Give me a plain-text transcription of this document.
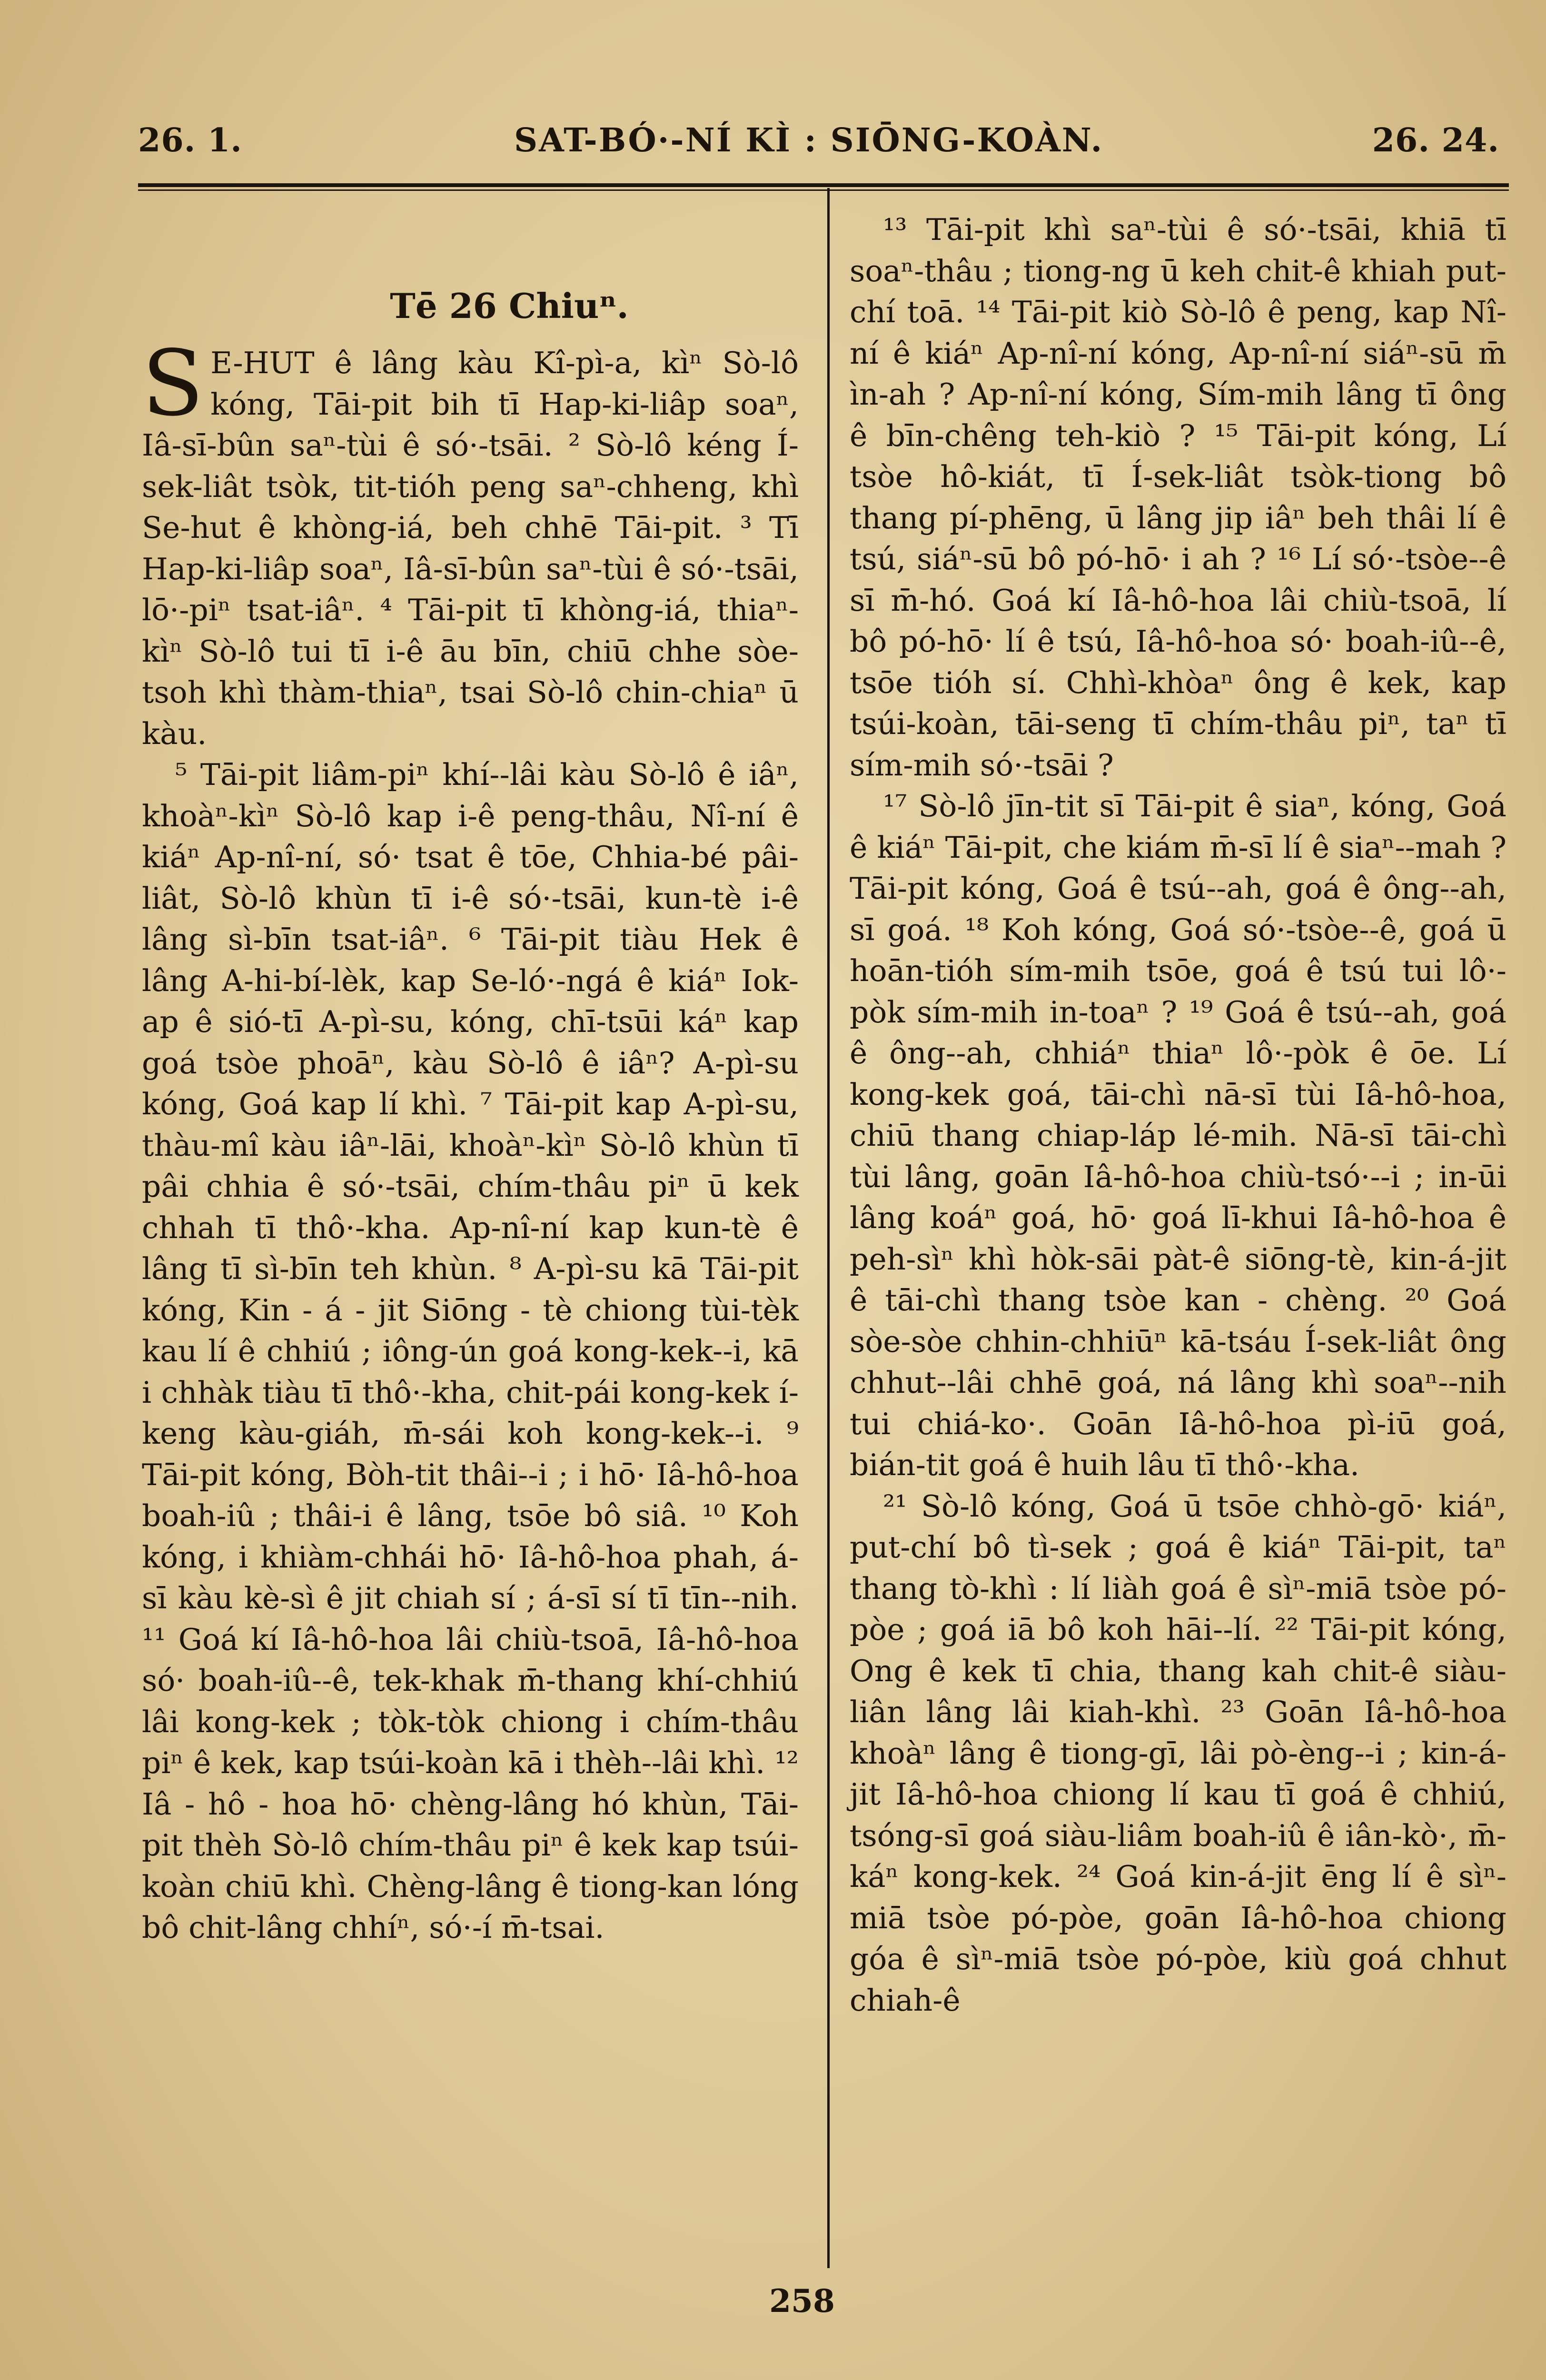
26. 1.	SAT-BÓ·-NÍ KÌ : SIŌNG-KOÀN.	26. 24.
Tē 26 Chiuⁿ.

S E-HUT ê lâng kàu Kî-pì-a, kìⁿ Sò-lô kóng, Tāi-pit bih tī Hap-ki-liâp soaⁿ, Iâ-sī-bûn saⁿ-tùi ê só·-tsāi. ² Sò-lô kéng Í-sek-liât tsòk, tit-tióh peng saⁿ-chheng, khì Se-hut ê khòng-iá, beh chhē Tāi-pit. ³ Tī Hap-ki-liâp soaⁿ, Iâ-sī-bûn saⁿ-tùi ê só·-tsāi, lō·-piⁿ tsat-iâⁿ. ⁴ Tāi-pit tī khòng-iá, thiaⁿ-kìⁿ Sò-lô tui tī i-ê āu bīn, chiū chhe sòe-tsoh khì thàm-thiaⁿ, tsai Sò-lô chin-chiaⁿ ū kàu.

⁵ Tāi-pit liâm-piⁿ khí--lâi kàu Sò-lô ê iâⁿ, khoàⁿ-kìⁿ Sò-lô kap i-ê peng-thâu, Nî-ní ê kiáⁿ Ap-nî-ní, só· tsat ê tōe, Chhia-bé pâi-liât, Sò-lô khùn tī i-ê só·-tsāi, kun-tè i-ê lâng sì-bīn tsat-iâⁿ. ⁶ Tāi-pit tiàu Hek ê lâng A-hi-bí-lèk, kap Se-ló·-ngá ê kiáⁿ Iok-ap ê sió-tī A-pì-su, kóng, chī-tsūi káⁿ kap goá tsòe phoāⁿ, kàu Sò-lô ê iâⁿ? A-pì-su kóng, Goá kap lí khì. ⁷ Tāi-pit kap A-pì-su, thàu-mî kàu iâⁿ-lāi, khoàⁿ-kìⁿ Sò-lô khùn tī pâi chhia ê só·-tsāi, chím-thâu piⁿ ū kek chhah tī thô·-kha. Ap-nî-ní kap kun-tè ê lâng tī sì-bīn teh khùn. ⁸ A-pì-su kā Tāi-pit kóng, Kin - á - jit Siōng - tè chiong tùi-tèk kau lí ê chhiú ; iông-ún goá kong-kek--i, kā i chhàk tiàu tī thô·-kha, chit-pái kong-kek í-keng kàu-giáh, m̄-sái koh kong-kek--i. ⁹ Tāi-pit kóng, Bòh-tit thâi--i ; i hō· Iâ-hô-hoa boah-iû ; thâi-i ê lâng, tsōe bô siâ. ¹⁰ Koh kóng, i khiàm-chhái hō· Iâ-hô-hoa phah, á-sī kàu kè-sì ê jit chiah sí ; á-sī sí tī tīn--nih. ¹¹ Goá kí Iâ-hô-hoa lâi chiù-tsoā, Iâ-hô-hoa só· boah-iû--ê, tek-khak m̄-thang khí-chhiú lâi kong-kek ; tòk-tòk chiong i chím-thâu piⁿ ê kek, kap tsúi-koàn kā i thèh--lâi khì. ¹² Iâ - hô - hoa hō· chèng-lâng hó khùn, Tāi-pit thèh Sò-lô chím-thâu piⁿ ê kek kap tsúi-koàn chiū khì. Chèng-lâng ê tiong-kan lóng bô chit-lâng chhíⁿ, só·-í m̄-tsai.

¹³ Tāi-pit khì saⁿ-tùi ê só·-tsāi, khiā tī soaⁿ-thâu ; tiong-ng ū keh chit-ê khiah put-chí toā. ¹⁴ Tāi-pit kiò Sò-lô ê peng, kap Nî-ní ê kiáⁿ Ap-nî-ní kóng, Ap-nî-ní siáⁿ-sū m̄ ìn-ah ? Ap-nî-ní kóng, Sím-mih lâng tī ông ê bīn-chêng teh-kiò ? ¹⁵ Tāi-pit kóng, Lí tsòe hô-kiát, tī Í-sek-liât tsòk-tiong bô thang pí-phēng, ū lâng jip iâⁿ beh thâi lí ê tsú, siáⁿ-sū bô pó-hō· i ah ? ¹⁶ Lí só·-tsòe--ê sī m̄-hó. Goá kí Iâ-hô-hoa lâi chiù-tsoā, lí bô pó-hō· lí ê tsú, Iâ-hô-hoa só· boah-iû--ê, tsōe tióh sí. Chhì-khòaⁿ ông ê kek, kap tsúi-koàn, tāi-seng tī chím-thâu piⁿ, taⁿ tī sím-mih só·-tsāi ?

¹⁷ Sò-lô jīn-tit sī Tāi-pit ê siaⁿ, kóng, Goá ê kiáⁿ Tāi-pit, che kiám m̄-sī lí ê siaⁿ--mah ? Tāi-pit kóng, Goá ê tsú--ah, goá ê ông--ah, sī goá. ¹⁸ Koh kóng, Goá só·-tsòe--ê, goá ū hoān-tióh sím-mih tsōe, goá ê tsú tui lô·-pòk sím-mih in-toaⁿ ? ¹⁹ Goá ê tsú--ah, goá ê ông--ah, chhiáⁿ thiaⁿ lô·-pòk ê ōe. Lí kong-kek goá, tāi-chì nā-sī tùi Iâ-hô-hoa, chiū thang chiap-láp lé-mih. Nā-sī tāi-chì tùi lâng, goān Iâ-hô-hoa chiù-tsó·--i ; in-ūi lâng koáⁿ goá, hō· goá lī-khui Iâ-hô-hoa ê peh-sìⁿ khì hòk-sāi pàt-ê siōng-tè, kin-á-jit ê tāi-chì thang tsòe kan - chèng. ²⁰ Goá sòe-sòe chhin-chhiūⁿ kā-tsáu Í-sek-liât ông chhut--lâi chhē goá, ná lâng khì soaⁿ--nih tui chiá-ko·. Goān Iâ-hô-hoa pì-iū goá, bián-tit goá ê huih lâu tī thô·-kha.

²¹ Sò-lô kóng, Goá ū tsōe chhò-gō· kiáⁿ, put-chí bô tì-sek ; goá ê kiáⁿ Tāi-pit, taⁿ thang tò-khì : lí liàh goá ê sìⁿ-miā tsòe pó-pòe ; goá iā bô koh hāi--lí. ²² Tāi-pit kóng, Ong ê kek tī chia, thang kah chit-ê siàu-liân lâng lâi kiah-khì. ²³ Goān Iâ-hô-hoa khoàⁿ lâng ê tiong-gī, lâi pò-èng--i ; kin-á-jit Iâ-hô-hoa chiong lí kau tī goá ê chhiú, tsóng-sī goá siàu-liâm boah-iû ê iân-kò·, m̄-káⁿ kong-kek. ²⁴ Goá kin-á-jit ēng lí ê sìⁿ-miā tsòe pó-pòe, goān Iâ-hô-hoa chiong góa ê sìⁿ-miā tsòe pó-pòe, kiù goá chhut chiah-ê

258
